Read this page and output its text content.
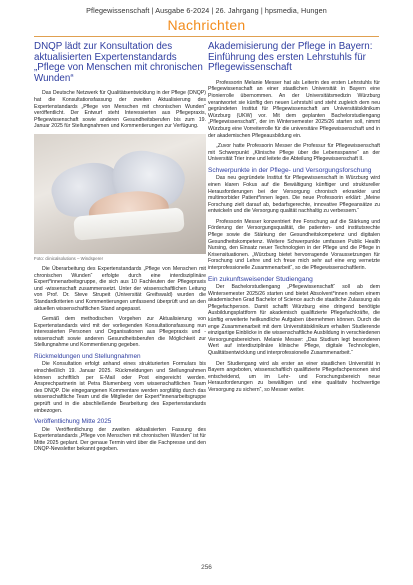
Pflegewissenschaft | Ausgabe 6-2024 | 26. Jahrgang | hpsmedia, Hungen
Nachrichten
DNQP lädt zur Konsultation des aktualisierten Expertenstandards
„Pflege von Menschen mit chronischen Wunden“

Das Deutsche Netzwerk für Qualitätsentwicklung in der Pflege (DNQP) hat die Konsultationsfassung der zweiten Aktualisierung des Expertenstandards „Pflege von Menschen mit chronischen Wunden“ veröffentlicht. Der Entwurf steht Interessierten aus Pflegepraxis, Pflegewissenschaft sowie anderen Gesundheitsberufen bis zum 19. Januar 2025 für Stellungnahmen und Kommentierungen zur Verfügung.

Foto: clinicalsolutions – Windsperer

Die Überarbeitung des Expertenstandards „Pflege von Menschen mit chronischen Wunden“ erfolgte durch eine interdisziplinäre Expert*innenarbeitsgruppe, die sich aus 10 Fachleuten der Pflegepraxis und -wissenschaft zusammensetzt. Unter der wissenschaftlichen Leitung von Prof. Dr. Steve Strupeit (Universität Greifswald) wurden die Standardkriterien und Kommentierungen umfassend überprüft und an den aktuellen wissenschaftlichen Stand angepasst.

Gemäß dem methodischen Vorgehen zur Aktualisierung von Expertenstandards wird mit der vorliegenden Konsultationsfassung nun interessierten Personen und Organisationen aus Pflegepraxis und -wissenschaft sowie anderen Gesundheitsberufen die Möglichkeit zur Stellungnahme und Kommentierung gegeben.

Rückmeldungen und Stellungnahmen

Die Konsultation erfolgt anhand eines strukturierten Formulars bis einschließlich 19. Januar 2025. Rückmeldungen und Stellungnahmen können schriftlich per E-Mail oder Post eingereicht werden. Ansprechpartnerin ist Petra Blumenberg vom wissenschaftlichen Team des DNQP. Die eingegangenen Kommentare werden sorgfältig durch das wissenschaftliche Team und die Mitglieder der Expert*innenarbeitsgruppe geprüft und in die abschließende Bearbeitung des Expertenstandards einbezogen.

Veröffentlichung Mitte 2025

Die Veröffentlichung der zweiten aktualisierten Fassung des Expertenstandards „Pflege von Menschen mit chronischen Wunden“ ist für Mitte 2025 geplant. Der genaue Termin wird über die Fachpresse und den DNQP-Newsletter bekannt gegeben.

Akademisierung der Pflege in Bayern: Einführung des ersten Lehrstuhls für Pflegewissenschaft

Professorin Melanie Messer hat als Leiterin des ersten Lehrstuhls für Pflegewissenschaft an einer staatlichen Universität in Bayern eine Pionierrolle übernommen. An der Universitätsmedizin Würzburg verantwortet sie künftig den neuen Lehrstuhl und steht zugleich dem neu gegründeten Institut für Pflegewissenschaft am Universitätsklinikum Würzburg (UKW) vor. Mit dem geplanten Bachelorstudiengang „Pflegewissenschaft“, der im Wintersemester 2025/26 starten soll, nimmt Würzburg eine Vorreiterrolle für die universitäre Pflegewissenschaft und in der akademischen Pflegeausbildung ein.

„Zuvor hatte Professorin Messer die Professur für Pflegewissenschaft mit Schwerpunkt „Klinische Pflege über die Lebensspanne“ an der Universität Trier inne und leitete die Abteilung Pflegewissenschaft II.

Schwerpunkte in der Pflege- und Versorgungsforschung

Das neu gegründete Institut für Pflegewissenschaft in Würzburg wird einen klaren Fokus auf die Bewältigung künftiger und struktureller Herausforderungen bei der Versorgung chronisch erkrankter und multimorbider Patient*innen legen. Die neue Professorin erklärt: „Meine Forschung zielt darauf ab, bedarfsgerechte, innovative Pflegeansätze zu entwickeln und die Versorgung qualität nachhaltig zu verbessern.“

Professorin Messer konzentriert ihre Forschung auf die Stärkung und Förderung der Versorgungsqualität, die patienten- und institutsrechte Pflege sowie die Stärkung der Gesundheitskompetenz und digitalen Gesundheitskompetenz. Weitere Schwerpunkte umfassen Public Health Nursing, den Einsatz neuer Technologien in der Pflege und die Pflege in Krisensituationen. „Würzburg bietet hervorragende Voraussetzungen für Forschung und Lehre und ich freue mich sehr auf eine eng vernetzte interprofessionelle Zusammenarbeit“, so die Pflegewissenschaftlerin.

Ein zukunftsweisender Studiengang

Der Bachelorstudiengang „Pflegewissenschaft“ soll ab dem Wintersemester 2025/26 starten und bietet Absolvent*innen neben einem akademischen Grad Bachelor of Science auch die staatliche Zulassung als Pflegefachperson. Damit schafft Würzburg eine dringend benötigte Ausbildungsplattform für akademisch qualifizierte Pflegefachkräfte, die künftig erweiterte heilkundliche Aufgaben übernehmen können. Durch die enge Zusammenarbeit mit dem Universitätsklinikum erhalten Studierende einzigartige Einblicke in die wissenschaftliche Ausbildung in verschiedenen Versorgungsbereichen. Melanie Messer: „Das Studium legt besonderen Wert auf interdisziplinäre klinische Pflege, digitale Technologien, Qualitätsentwicklung und interprofessionelle Zusammenarbeit.“

Der Studiengang wird als erster an einer staatlichen Universität in Bayern angeboten, wissenschaftlich qualifizierte Pflegefachpersonen sind entscheidend, um im Lehr- und Forschungsbereich neue Herausforderungen zu bewältigen und eine qualitativ hochwertige Versorgung zu sichern“, so Messer weiter.

256
